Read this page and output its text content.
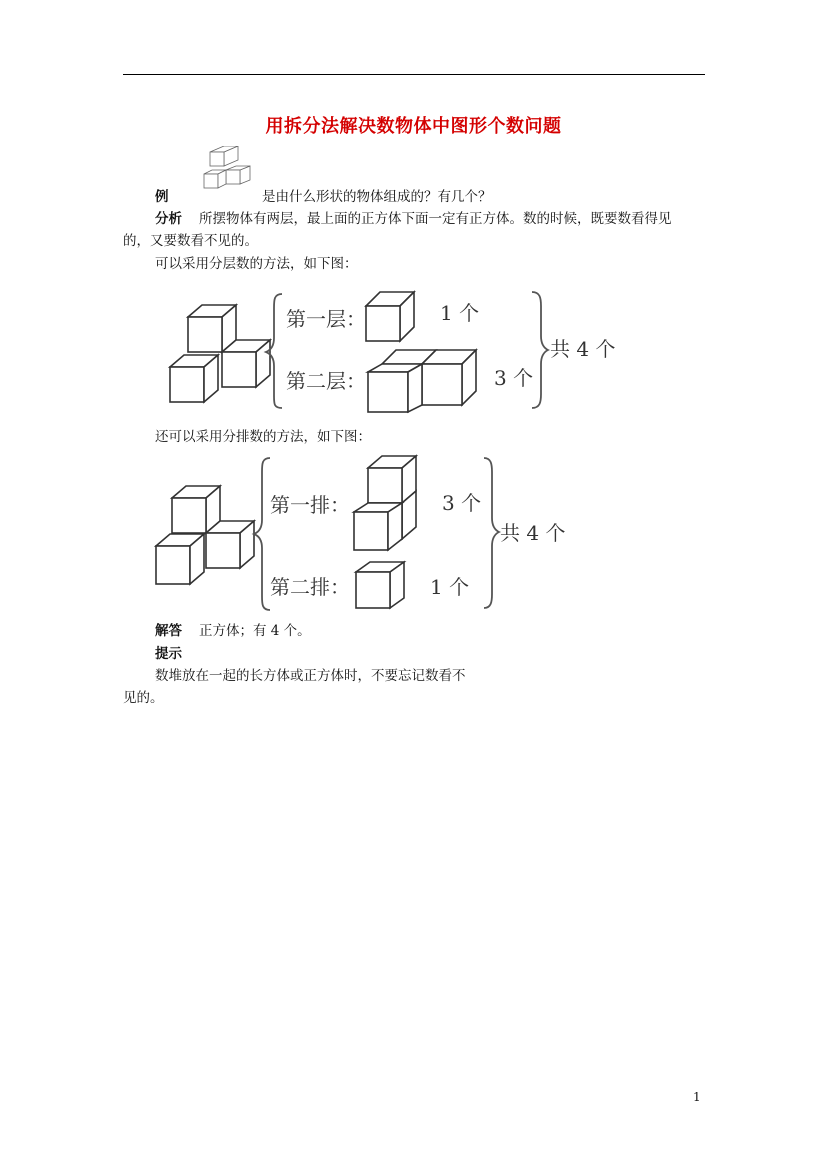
用拆分法解决数物体中图形个数问题
例	是由什么形状的物体组成的？有几个？
分析 所摆物体有两层，最上面的正方体下面一定有正方体。数的时候，既要数看得见
的，又要数看不见的。
可以采用分层数的方法，如下图：
第一层：	1 个
第二层：	3 个
共 4 个
还可以采用分排数的方法，如下图：
第一排：	3 个
第二排：	1 个
共 4 个
解答 正方体；有 4 个。
提示
数堆放在一起的长方体或正方体时，不要忘记数看不
见的。
1
